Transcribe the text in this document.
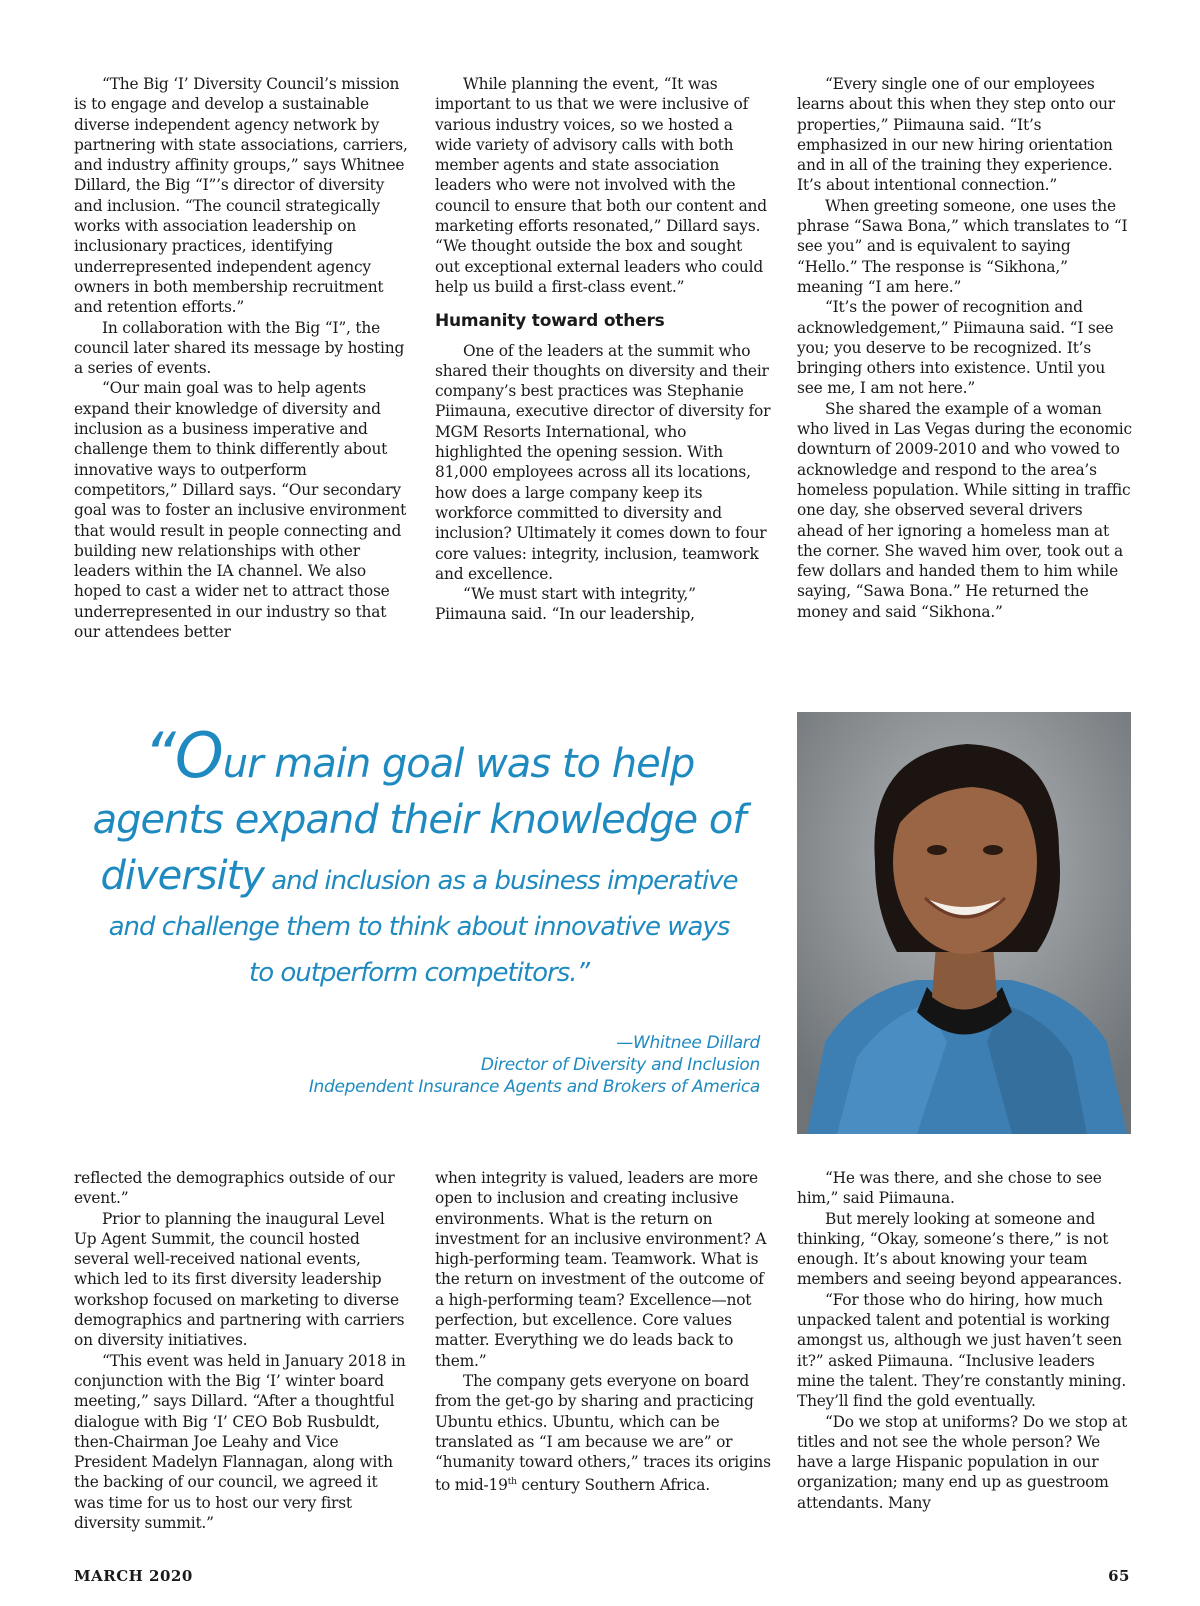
“The Big ‘I’ Diversity Council’s mission is to engage and develop a sustainable diverse independent agency network by partnering with state associations, carriers, and industry affinity groups,” says Whitnee Dillard, the Big “I”’s director of diversity and inclusion. “The council strategically works with association leadership on inclusionary practices, identifying underrepresented independent agency owners in both membership recruitment and retention efforts.”

In collaboration with the Big “I”, the council later shared its message by hosting a series of events.

“Our main goal was to help agents expand their knowledge of diversity and inclusion as a business imperative and challenge them to think differently about innovative ways to outperform competitors,” Dillard says. “Our secondary goal was to foster an inclusive environment that would result in people connecting and building new relationships with other leaders within the IA channel. We also hoped to cast a wider net to attract those underrepresented in our industry so that our attendees better

While planning the event, “It was important to us that we were inclusive of various industry voices, so we hosted a wide variety of advisory calls with both member agents and state association leaders who were not involved with the council to ensure that both our content and marketing efforts resonated,” Dillard says. “We thought outside the box and sought out exceptional external leaders who could help us build a first-class event.”

Humanity toward others

One of the leaders at the summit who shared their thoughts on diversity and their company’s best practices was Stephanie Piimauna, executive director of diversity for MGM Resorts International, who highlighted the opening session. With 81,000 employees across all its locations, how does a large company keep its workforce committed to diversity and inclusion? Ultimately it comes down to four core values: integrity, inclusion, teamwork and excellence.

“We must start with integrity,” Piimauna said. “In our leadership,

“Every single one of our employees learns about this when they step onto our properties,” Piimauna said. “It’s emphasized in our new hiring orientation and in all of the training they experience. It’s about intentional connection.”

When greeting someone, one uses the phrase “Sawa Bona,” which translates to “I see you” and is equivalent to saying “Hello.” The response is “Sikhona,” meaning “I am here.”

“It’s the power of recognition and acknowledgement,” Piimauna said. “I see you; you deserve to be recognized. It’s bringing others into existence. Until you see me, I am not here.”

She shared the example of a woman who lived in Las Vegas during the economic downturn of 2009-2010 and who vowed to acknowledge and respond to the area’s homeless population. While sitting in traffic one day, she observed several drivers ahead of her ignoring a homeless man at the corner. She waved him over, took out a few dollars and handed them to him while saying, “Sawa Bona.” He returned the money and said “Sikhona.”

“Our main goal was to help
agents expand their knowledge of
diversity and inclusion as a business imperative
and challenge them to think about innovative ways
to outperform competitors.”
—Whitnee Dillard
Director of Diversity and Inclusion
Independent Insurance Agents and Brokers of America

reflected the demographics outside of our event.”

Prior to planning the inaugural Level Up Agent Summit, the council hosted several well-received national events, which led to its first diversity leadership workshop focused on marketing to diverse demographics and partnering with carriers on diversity initiatives.

“This event was held in January 2018 in conjunction with the Big ‘I’ winter board meeting,” says Dillard. “After a thoughtful dialogue with Big ‘I’ CEO Bob Rusbuldt, then-Chairman Joe Leahy and Vice President Madelyn Flannagan, along with the backing of our council, we agreed it was time for us to host our very first diversity summit.”

when integrity is valued, leaders are more open to inclusion and creating inclusive environments. What is the return on investment for an inclusive environment? A high-performing team. Teamwork. What is the return on investment of the outcome of a high-performing team? Excellence—not perfection, but excellence. Core values matter. Everything we do leads back to them.”

The company gets everyone on board from the get-go by sharing and practicing Ubuntu ethics. Ubuntu, which can be translated as “I am because we are” or “humanity toward others,” traces its origins to mid-19th century Southern Africa.

“He was there, and she chose to see him,” said Piimauna.

But merely looking at someone and thinking, “Okay, someone’s there,” is not enough. It’s about knowing your team members and seeing beyond appearances.

“For those who do hiring, how much unpacked talent and potential is working amongst us, although we just haven’t seen it?” asked Piimauna. “Inclusive leaders mine the talent. They’re constantly mining. They’ll find the gold eventually.

“Do we stop at uniforms? Do we stop at titles and not see the whole person? We have a large Hispanic population in our organization; many end up as guestroom attendants. Many

MARCH 2020	65
